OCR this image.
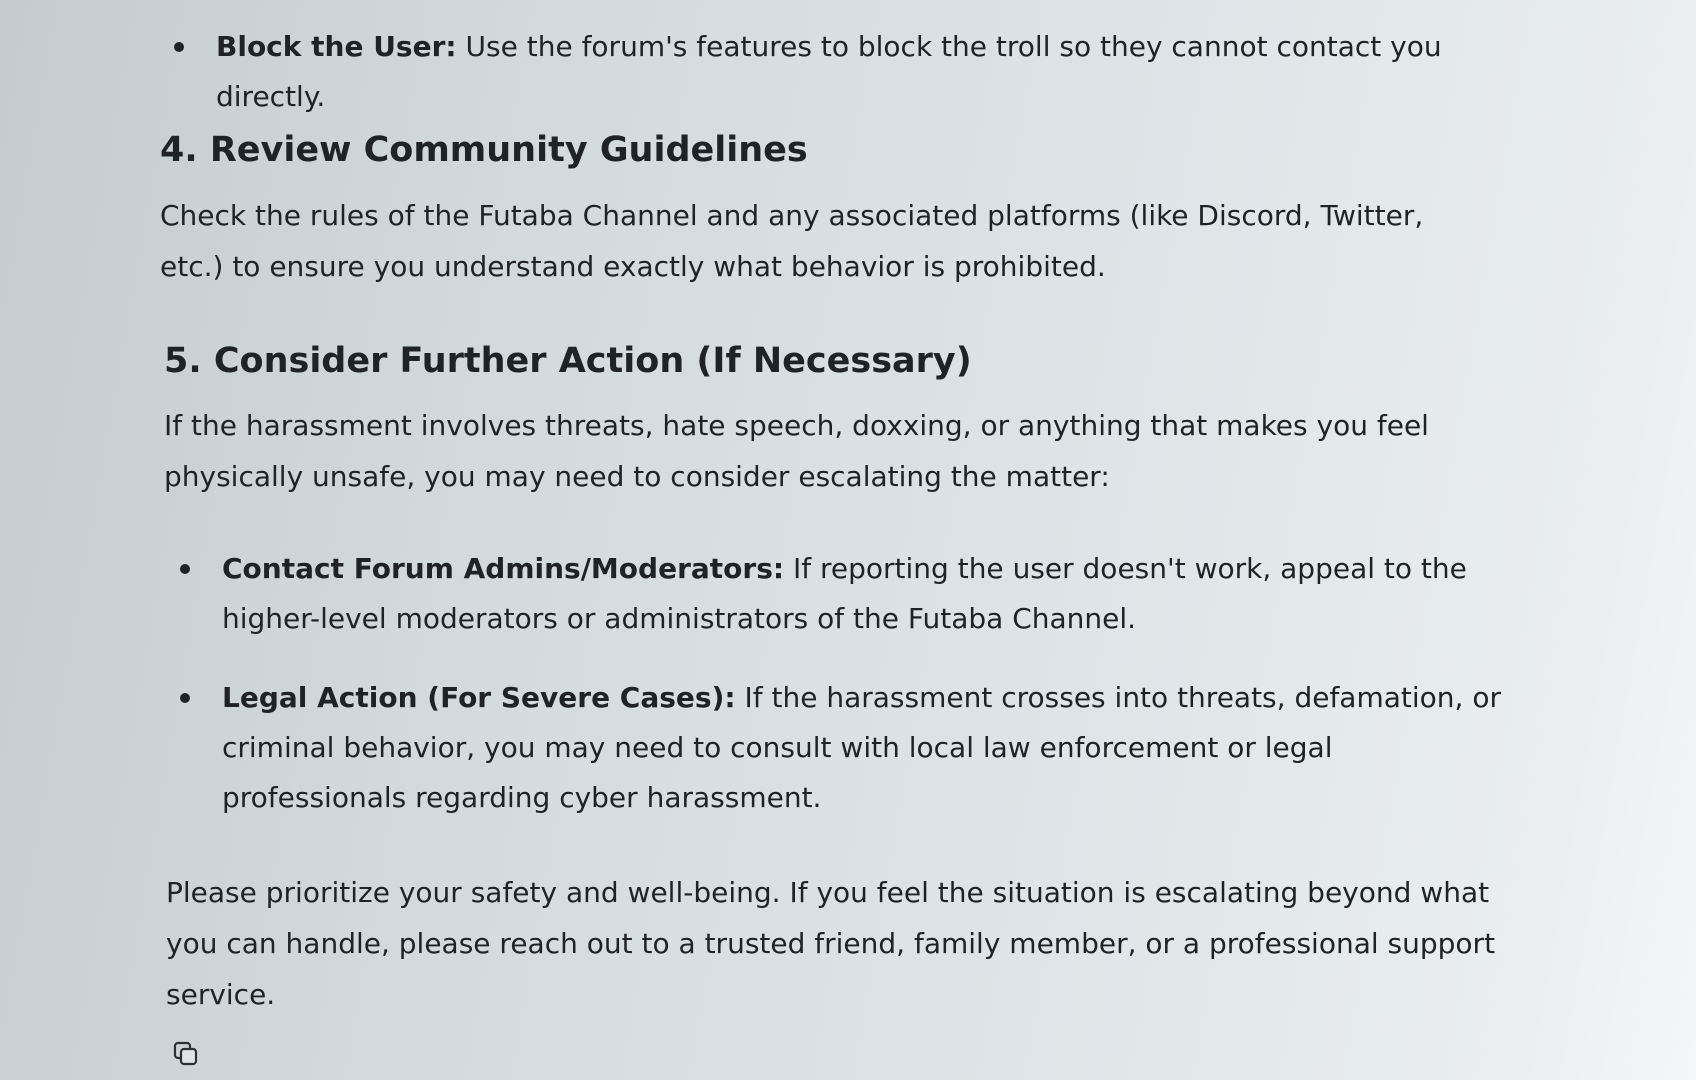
Block the User: Use the forum's features to block the troll so they cannot contact you directly.
4. Review Community Guidelines

Check the rules of the Futaba Channel and any associated platforms (like Discord, Twitter, etc.) to ensure you understand exactly what behavior is prohibited.

5. Consider Further Action (If Necessary)

If the harassment involves threats, hate speech, doxxing, or anything that makes you feel physically unsafe, you may need to consider escalating the matter:

Contact Forum Admins/Moderators: If reporting the user doesn't work, appeal to the higher-level moderators or administrators of the Futaba Channel.
Legal Action (For Severe Cases): If the harassment crosses into threats, defamation, or criminal behavior, you may need to consult with local law enforcement or legal professionals regarding cyber harassment.

Please prioritize your safety and well-being. If you feel the situation is escalating beyond what you can handle, please reach out to a trusted friend, family member, or a professional support service.
